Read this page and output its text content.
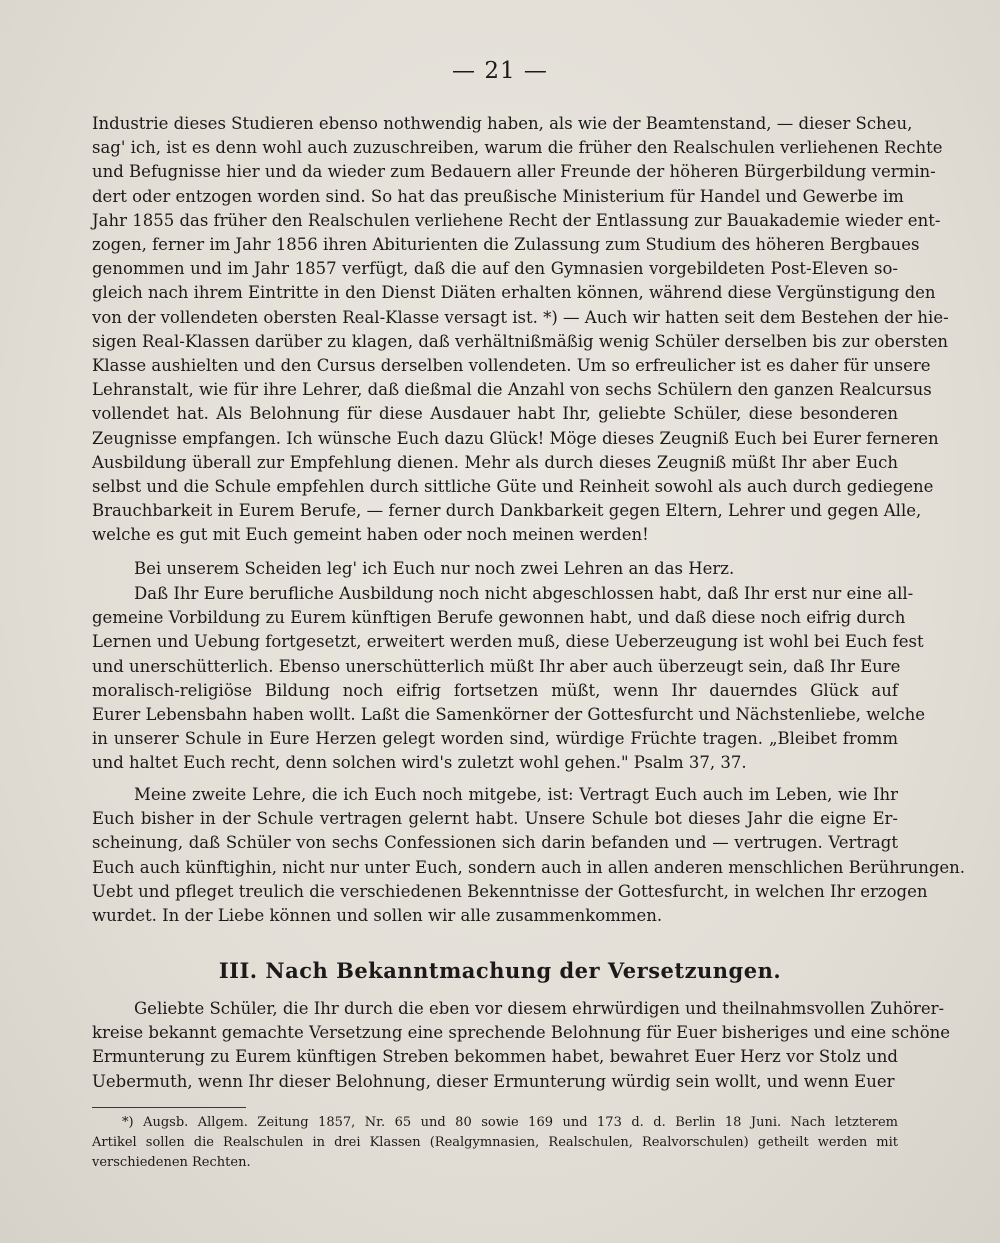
— 21 —

Industrie dieses Studieren ebenso nothwendig haben, als wie der Beamtenstand, — dieser Scheu,
sag' ich, ist es denn wohl auch zuzuschreiben, warum die früher den Realschulen verliehenen Rechte
und Befugnisse hier und da wieder zum Bedauern aller Freunde der höheren Bürgerbildung vermin-
dert oder entzogen worden sind. So hat das preußische Ministerium für Handel und Gewerbe im
Jahr 1855 das früher den Realschulen verliehene Recht der Entlassung zur Bauakademie wieder ent-
zogen, ferner im Jahr 1856 ihren Abiturienten die Zulassung zum Studium des höheren Bergbaues
genommen und im Jahr 1857 verfügt, daß die auf den Gymnasien vorgebildeten Post-Eleven so-
gleich nach ihrem Eintritte in den Dienst Diäten erhalten können, während diese Vergünstigung den
von der vollendeten obersten Real-Klasse versagt ist. *) — Auch wir hatten seit dem Bestehen der hie-
sigen Real-Klassen darüber zu klagen, daß verhältnißmäßig wenig Schüler derselben bis zur obersten
Klasse aushielten und den Cursus derselben vollendeten. Um so erfreulicher ist es daher für unsere
Lehranstalt, wie für ihre Lehrer, daß dießmal die Anzahl von sechs Schülern den ganzen Realcursus
vollendet hat. Als Belohnung für diese Ausdauer habt Ihr, geliebte Schüler, diese besonderen
Zeugnisse empfangen. Ich wünsche Euch dazu Glück! Möge dieses Zeugniß Euch bei Eurer ferneren
Ausbildung überall zur Empfehlung dienen. Mehr als durch dieses Zeugniß müßt Ihr aber Euch
selbst und die Schule empfehlen durch sittliche Güte und Reinheit sowohl als auch durch gediegene
Brauchbarkeit in Eurem Berufe, — ferner durch Dankbarkeit gegen Eltern, Lehrer und gegen Alle,
welche es gut mit Euch gemeint haben oder noch meinen werden!

Bei unserem Scheiden leg' ich Euch nur noch zwei Lehren an das Herz.

Daß Ihr Eure berufliche Ausbildung noch nicht abgeschlossen habt, daß Ihr erst nur eine all-
gemeine Vorbildung zu Eurem künftigen Berufe gewonnen habt, und daß diese noch eifrig durch
Lernen und Uebung fortgesetzt, erweitert werden muß, diese Ueberzeugung ist wohl bei Euch fest
und unerschütterlich. Ebenso unerschütterlich müßt Ihr aber auch überzeugt sein, daß Ihr Eure
moralisch-religiöse Bildung noch eifrig fortsetzen müßt, wenn Ihr dauerndes Glück auf
Eurer Lebensbahn haben wollt. Laßt die Samenkörner der Gottesfurcht und Nächstenliebe, welche
in unserer Schule in Eure Herzen gelegt worden sind, würdige Früchte tragen. „Bleibet fromm
und haltet Euch recht, denn solchen wird's zuletzt wohl gehen." Psalm 37, 37.

Meine zweite Lehre, die ich Euch noch mitgebe, ist: Vertragt Euch auch im Leben, wie Ihr
Euch bisher in der Schule vertragen gelernt habt. Unsere Schule bot dieses Jahr die eigne Er-
scheinung, daß Schüler von sechs Confessionen sich darin befanden und — vertrugen. Vertragt
Euch auch künftighin, nicht nur unter Euch, sondern auch in allen anderen menschlichen Berührungen.
Uebt und pfleget treulich die verschiedenen Bekenntnisse der Gottesfurcht, in welchen Ihr erzogen
wurdet. In der Liebe können und sollen wir alle zusammenkommen.

III. Nach Bekanntmachung der Versetzungen.

Geliebte Schüler, die Ihr durch die eben vor diesem ehrwürdigen und theilnahmsvollen Zuhörer-
kreise bekannt gemachte Versetzung eine sprechende Belohnung für Euer bisheriges und eine schöne
Ermunterung zu Eurem künftigen Streben bekommen habet, bewahret Euer Herz vor Stolz und
Uebermuth, wenn Ihr dieser Belohnung, dieser Ermunterung würdig sein wollt, und wenn Euer

*) Augsb. Allgem. Zeitung 1857, Nr. 65 und 80 sowie 169 und 173 d. d. Berlin 18 Juni. Nach letzterem
Artikel sollen die Realschulen in drei Klassen (Realgymnasien, Realschulen, Realvorschulen) getheilt werden mit
verschiedenen Rechten.
